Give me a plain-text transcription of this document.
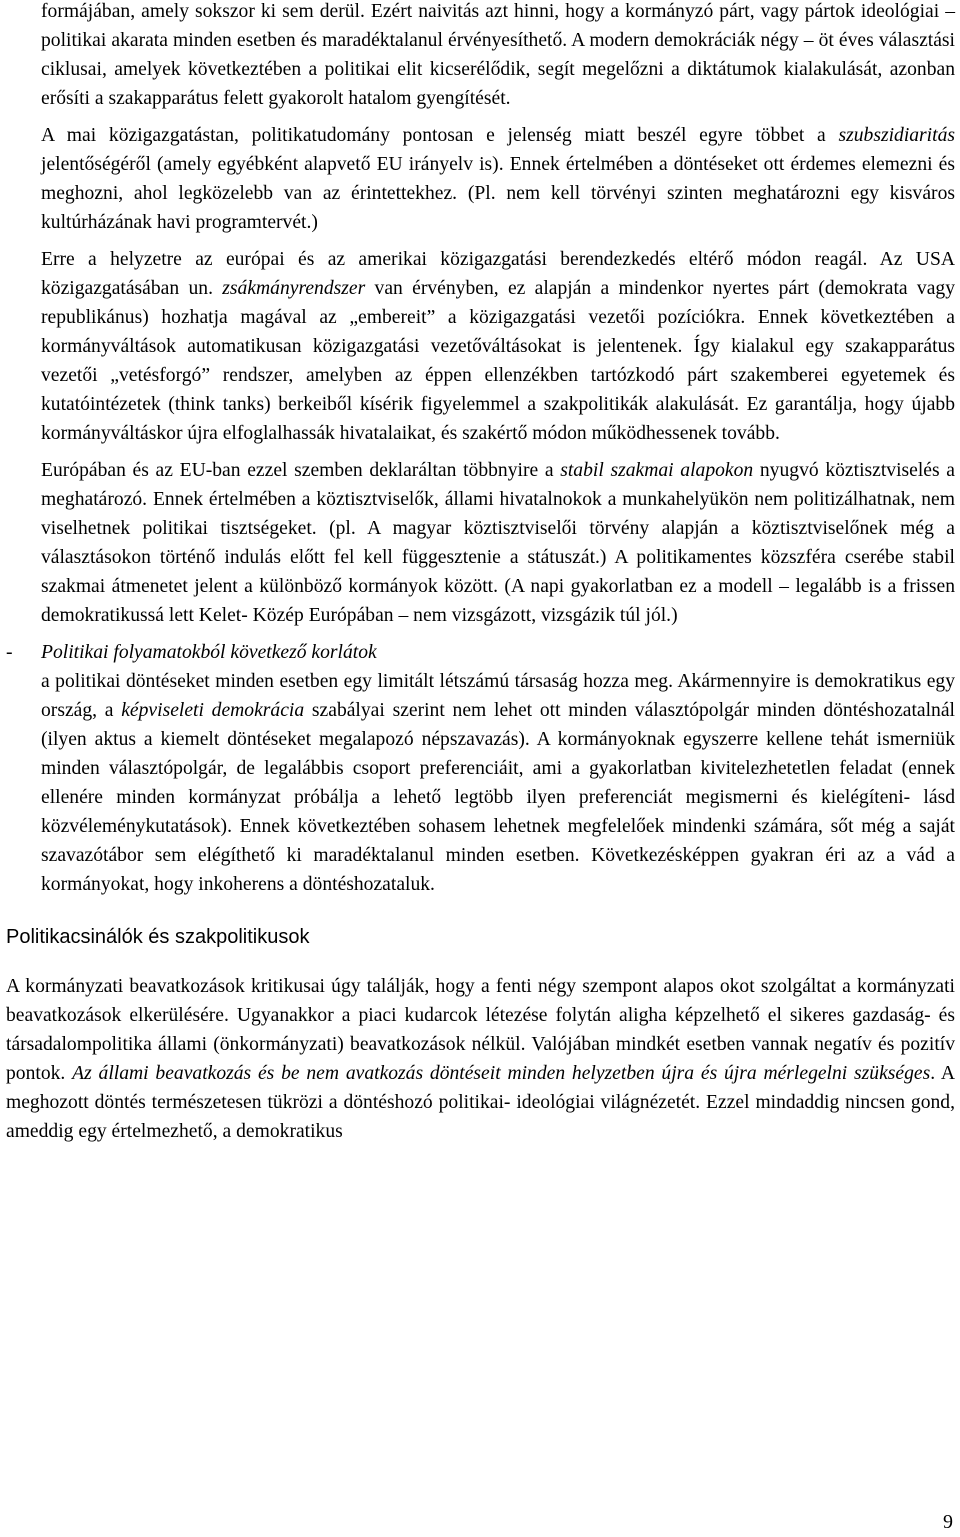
formájában, amely sokszor ki sem derül. Ezért naivitás azt hinni, hogy a kormányzó párt, vagy pártok ideológiai – politikai akarata minden esetben és maradéktalanul érvényesíthető. A modern demokráciák négy – öt éves választási ciklusai, amelyek következtében a politikai elit kicserélődik, segít megelőzni a diktátumok kialakulását, azonban erősíti a szakapparátus felett gyakorolt hatalom gyengítését.

A mai közigazgatástan, politikatudomány pontosan e jelenség miatt beszél egyre többet a szubszidiaritás jelentőségéről (amely egyébként alapvető EU irányelv is). Ennek értelmében a döntéseket ott érdemes elemezni és meghozni, ahol legközelebb van az érintettekhez. (Pl. nem kell törvényi szinten meghatározni egy kisváros kultúrházának havi programtervét.)

Erre a helyzetre az európai és az amerikai közigazgatási berendezkedés eltérő módon reagál. Az USA közigazgatásában un. zsákmányrendszer van érvényben, ez alapján a mindenkor nyertes párt (demokrata vagy republikánus) hozhatja magával az „embereit” a közigazgatási vezetői pozíciókra. Ennek következtében a kormányváltások automatikusan közigazgatási vezetőváltásokat is jelentenek. Így kialakul egy szakapparátus vezetői „vetésforgó” rendszer, amelyben az éppen ellenzékben tartózkodó párt szakemberei egyetemek és kutatóintézetek (think tanks) berkeiből kísérik figyelemmel a szakpolitikák alakulását. Ez garantálja, hogy újabb kormányváltáskor újra elfoglalhassák hivatalaikat, és szakértő módon működhessenek tovább.

Európában és az EU-ban ezzel szemben deklaráltan többnyire a stabil szakmai alapokon nyugvó köztisztviselés a meghatározó. Ennek értelmében a köztisztviselők, állami hivatalnokok a munkahelyükön nem politizálhatnak, nem viselhetnek politikai tisztségeket. (pl. A magyar köztisztviselői törvény alapján a köztisztviselőnek még a választásokon történő indulás előtt fel kell függesztenie a státuszát.) A politikamentes közszféra cserébe stabil szakmai átmenetet jelent a különböző kormányok között. (A napi gyakorlatban ez a modell – legalább is a frissen demokratikussá lett Kelet- Közép Európában – nem vizsgázott, vizsgázik túl jól.)

- Politikai folyamatokból következő korlátok

a politikai döntéseket minden esetben egy limitált létszámú társaság hozza meg. Akármennyire is demokratikus egy ország, a képviseleti demokrácia szabályai szerint nem lehet ott minden választópolgár minden döntéshozatalnál (ilyen aktus a kiemelt döntéseket megalapozó népszavazás). A kormányoknak egyszerre kellene tehát ismerniük minden választópolgár, de legalábbis csoport preferenciáit, ami a gyakorlatban kivitelezhetetlen feladat (ennek ellenére minden kormányzat próbálja a lehető legtöbb ilyen preferenciát megismerni és kielégíteni- lásd közvéleménykutatások). Ennek következtében sohasem lehetnek megfelelőek mindenki számára, sőt még a saját szavazótábor sem elégíthető ki maradéktalanul minden esetben. Következésképpen gyakran éri az a vád a kormányokat, hogy inkoherens a döntéshozataluk.

Politikacsinálók és szakpolitikusok

A kormányzati beavatkozások kritikusai úgy találják, hogy a fenti négy szempont alapos okot szolgáltat a kormányzati beavatkozások elkerülésére. Ugyanakkor a piaci kudarcok létezése folytán aligha képzelhető el sikeres gazdaság- és társadalompolitika állami (önkormányzati) beavatkozások nélkül. Valójában mindkét esetben vannak negatív és pozitív pontok. Az állami beavatkozás és be nem avatkozás döntéseit minden helyzetben újra és újra mérlegelni szükséges. A meghozott döntés természetesen tükrözi a döntéshozó politikai- ideológiai világnézetét. Ezzel mindaddig nincsen gond, ameddig egy értelmezhető, a demokratikus

9
